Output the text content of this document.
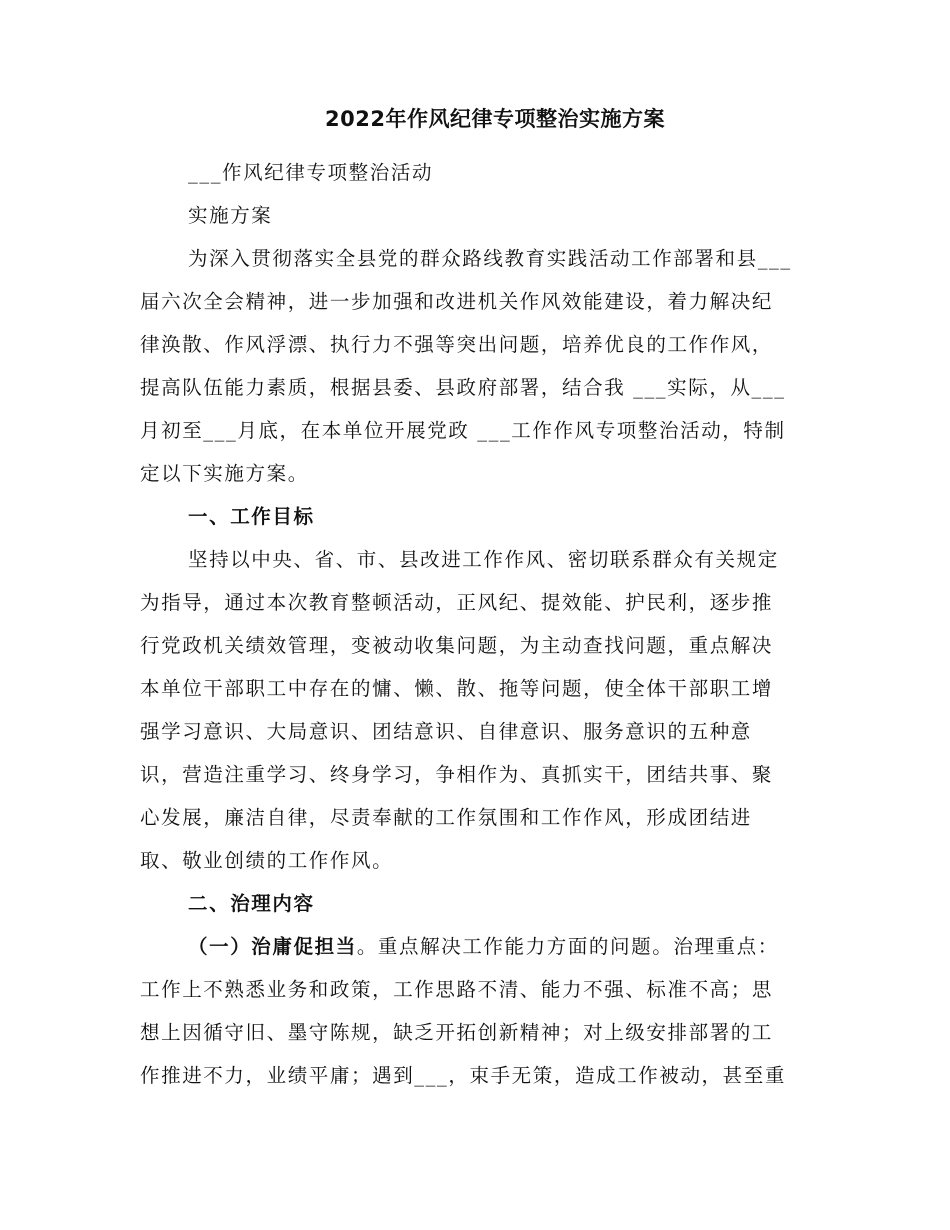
2022年作风纪律专项整治实施方案
___作风纪律专项整治活动
实施方案
为深入贯彻落实全县党的群众路线教育实践活动工作部署和县___
届六次全会精神，进一步加强和改进机关作风效能建设，着力解决纪
律涣散、作风浮漂、执行力不强等突出问题，培养优良的工作作风，
提高队伍能力素质，根据县委、县政府部署，结合我 ___实际，从___
月初至___月底，在本单位开展党政 ___工作作风专项整治活动，特制
定以下实施方案。
一、工作目标
坚持以中央、省、市、县改进工作作风、密切联系群众有关规定
为指导，通过本次教育整顿活动，正风纪、提效能、护民利，逐步推
行党政机关绩效管理，变被动收集问题，为主动查找问题，重点解决
本单位干部职工中存在的慵、懒、散、拖等问题，使全体干部职工增
强学习意识、大局意识、团结意识、自律意识、服务意识的五种意
识，营造注重学习、终身学习，争相作为、真抓实干，团结共事、聚
心发展，廉洁自律，尽责奉献的工作氛围和工作作风，形成团结进
取、敬业创绩的工作作风。
二、治理内容
（一）治庸促担当。重点解决工作能力方面的问题。治理重点：
工作上不熟悉业务和政策，工作思路不清、能力不强、标准不高；思
想上因循守旧、墨守陈规，缺乏开拓创新精神；对上级安排部署的工
作推进不力，业绩平庸；遇到___，束手无策，造成工作被动，甚至重
